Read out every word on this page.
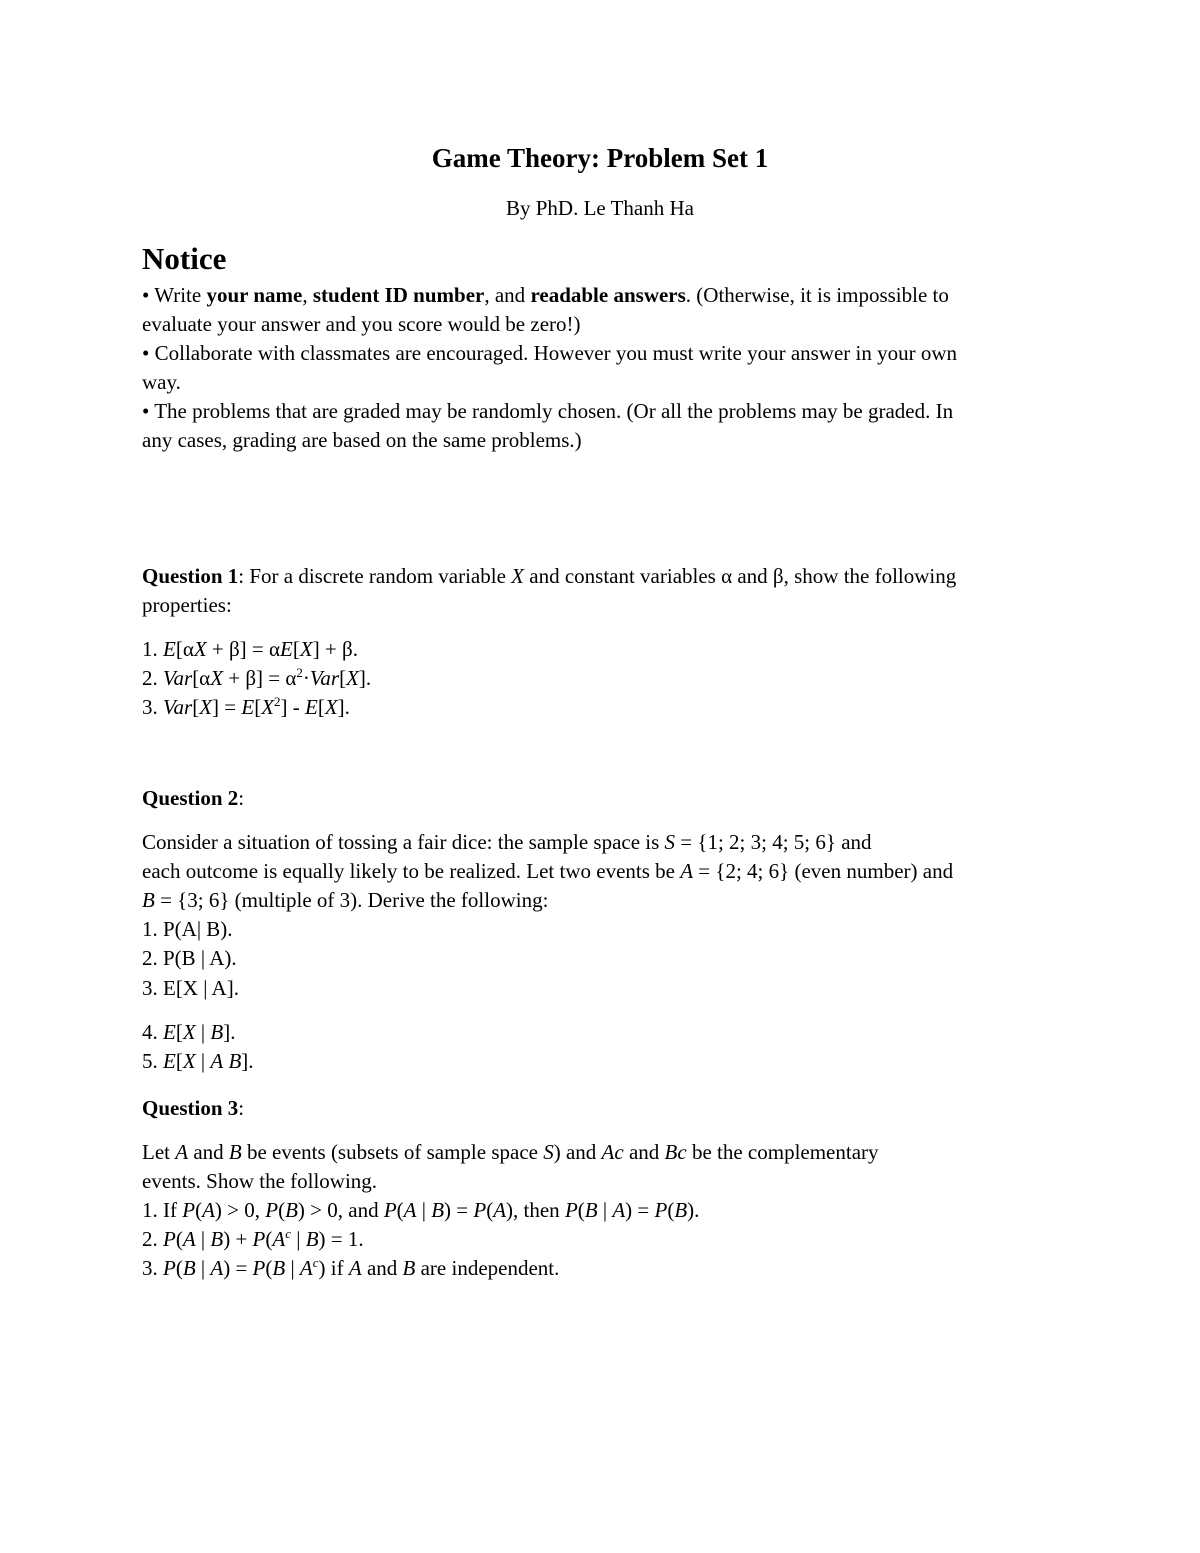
Game Theory: Problem Set 1

By PhD. Le Thanh Ha

Notice

• Write your name, student ID number, and readable answers. (Otherwise, it is impossible to

evaluate your answer and you score would be zero!)

• Collaborate with classmates are encouraged. However you must write your answer in your own

way.

• The problems that are graded may be randomly chosen. (Or all the problems may be graded. In

any cases, grading are based on the same problems.)

Question 1: For a discrete random variable X and constant variables α and β, show the following

properties:

1. E[αX + β] = αE[X] + β.

2. $Var[\alpha X + \beta] = \alpha^2\cdot Var[X]$.

3. $Var[X] = E[X^2] - E[X]$.

Question 2:

Consider a situation of tossing a fair dice: the sample space is S = {1; 2; 3; 4; 5; 6} and

each outcome is equally likely to be realized. Let two events be A = {2; 4; 6} (even number) and

B = {3; 6} (multiple of 3). Derive the following:

1. P(A| B).

2. P(B | A).

3. E[X | A].

4. E[X | B].

5. E[X | A B].

Question 3:

Let A and B be events (subsets of sample space S) and Ac and Bc be the complementary

events. Show the following.

1. If P(A) > 0, P(B) > 0, and P(A | B) = P(A), then P(B | A) = P(B).

2. P(A | $B) + P(A^c$ | B) = 1.

3. P(B | A) = P(B | $A^c$) if A and B are independent.
